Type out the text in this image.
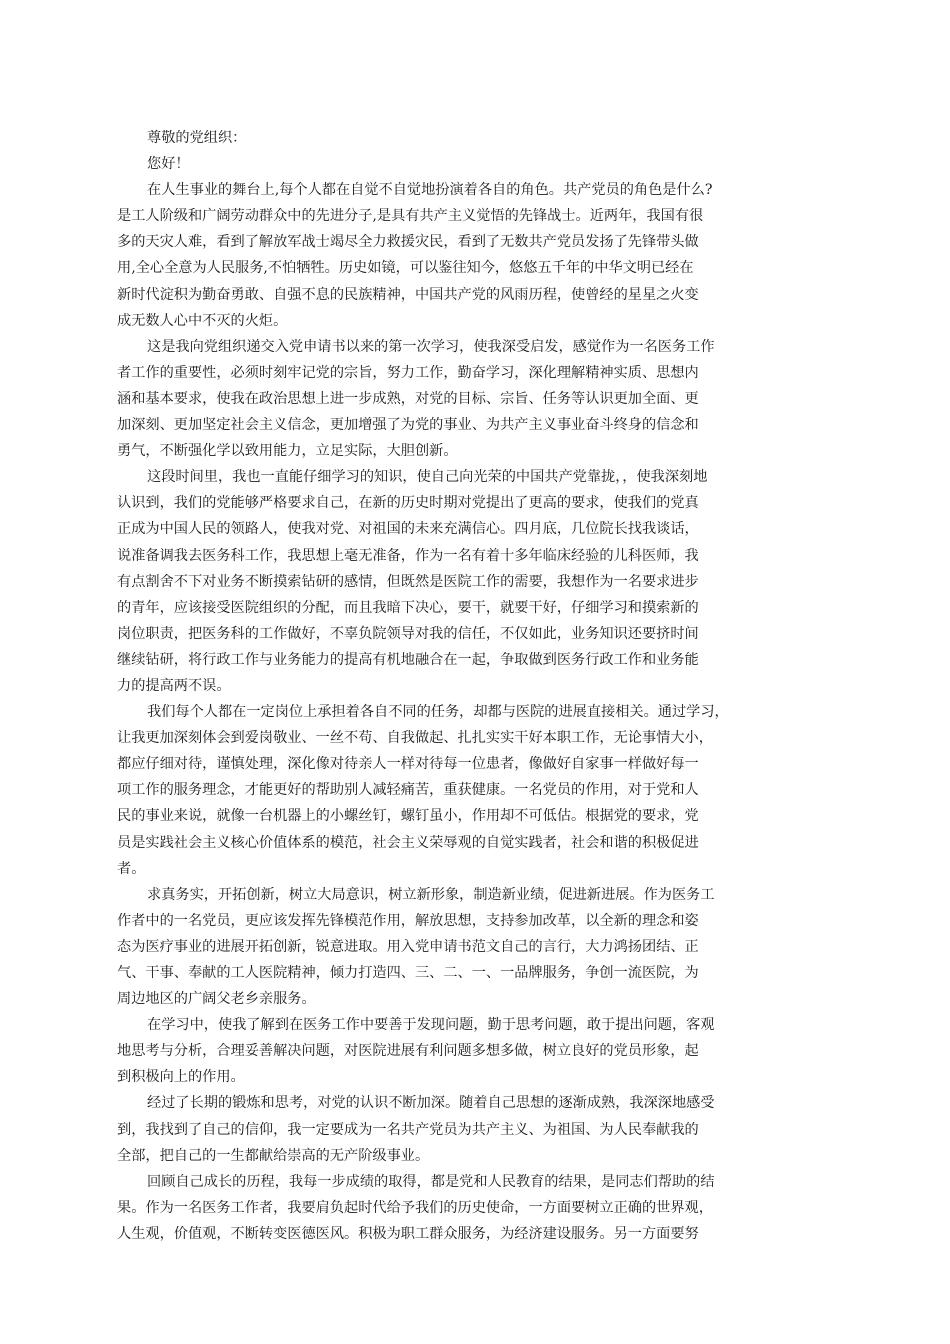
尊敬的党组织：
您好！
在人生事业的舞台上,每个人都在自觉不自觉地扮演着各自的角色。共产党员的角色是什么?
是工人阶级和广阔劳动群众中的先进分子,是具有共产主义觉悟的先锋战士。近两年，我国有很
多的天灾人难，看到了解放军战士竭尽全力救援灾民，看到了无数共产党员发扬了先锋带头做
用,全心全意为人民服务,不怕牺牲。历史如镜，可以鉴往知今，悠悠五千年的中华文明已经在
新时代淀积为勤奋勇敢、自强不息的民族精神，中国共产党的风雨历程，使曾经的星星之火变
成无数人心中不灭的火炬。
这是我向党组织递交入党申请书以来的第一次学习，使我深受启发，感觉作为一名医务工作
者工作的重要性，必须时刻牢记党的宗旨，努力工作，勤奋学习，深化理解精神实质、思想内
涵和基本要求，使我在政治思想上进一步成熟，对党的目标、宗旨、任务等认识更加全面、更
加深刻、更加坚定社会主义信念，更加增强了为党的事业、为共产主义事业奋斗终身的信念和
勇气，不断强化学以致用能力，立足实际，大胆创新。
这段时间里，我也一直能仔细学习的知识，使自己向光荣的中国共产党靠拢，，使我深刻地
认识到，我们的党能够严格要求自己，在新的历史时期对党提出了更高的要求，使我们的党真
正成为中国人民的领路人，使我对党、对祖国的未来充满信心。四月底，几位院长找我谈话，
说准备调我去医务科工作，我思想上毫无准备，作为一名有着十多年临床经验的儿科医师，我
有点割舍不下对业务不断摸索钻研的感情，但既然是医院工作的需要，我想作为一名要求进步
的青年，应该接受医院组织的分配，而且我暗下决心，要干，就要干好，仔细学习和摸索新的
岗位职责，把医务科的工作做好，不辜负院领导对我的信任，不仅如此，业务知识还要挤时间
继续钻研，将行政工作与业务能力的提高有机地融合在一起，争取做到医务行政工作和业务能
力的提高两不误。
我们每个人都在一定岗位上承担着各自不同的任务，却都与医院的进展直接相关。通过学习，
让我更加深刻体会到爱岗敬业、一丝不苟、自我做起、扎扎实实干好本职工作，无论事情大小，
都应仔细对待，谨慎处理，深化像对待亲人一样对待每一位患者，像做好自家事一样做好每一
项工作的服务理念，才能更好的帮助别人减轻痛苦，重获健康。一名党员的作用，对于党和人
民的事业来说，就像一台机器上的小螺丝钉，螺钉虽小，作用却不可低估。根据党的要求，党
员是实践社会主义核心价值体系的模范，社会主义荣辱观的自觉实践者，社会和谐的积极促进
者。
求真务实，开拓创新，树立大局意识，树立新形象，制造新业绩，促进新进展。作为医务工
作者中的一名党员，更应该发挥先锋模范作用，解放思想，支持参加改革，以全新的理念和姿
态为医疗事业的进展开拓创新，锐意进取。用入党申请书范文自己的言行，大力鸿扬团结、正
气、干事、奉献的工人医院精神，倾力打造四、三、二、一、一品牌服务，争创一流医院，为
周边地区的广阔父老乡亲服务。
在学习中，使我了解到在医务工作中要善于发现问题，勤于思考问题，敢于提出问题，客观
地思考与分析，合理妥善解决问题，对医院进展有利问题多想多做，树立良好的党员形象，起
到积极向上的作用。
经过了长期的锻炼和思考，对党的认识不断加深。随着自己思想的逐渐成熟，我深深地感受
到，我找到了自己的信仰，我一定要成为一名共产党员为共产主义、为祖国、为人民奉献我的
全部，把自己的一生都献给崇高的无产阶级事业。
回顾自己成长的历程，我每一步成绩的取得，都是党和人民教育的结果，是同志们帮助的结
果。作为一名医务工作者，我要肩负起时代给予我们的历史使命，一方面要树立正确的世界观，
人生观，价值观，不断转变医德医风。积极为职工群众服务，为经济建设服务。另一方面要努
